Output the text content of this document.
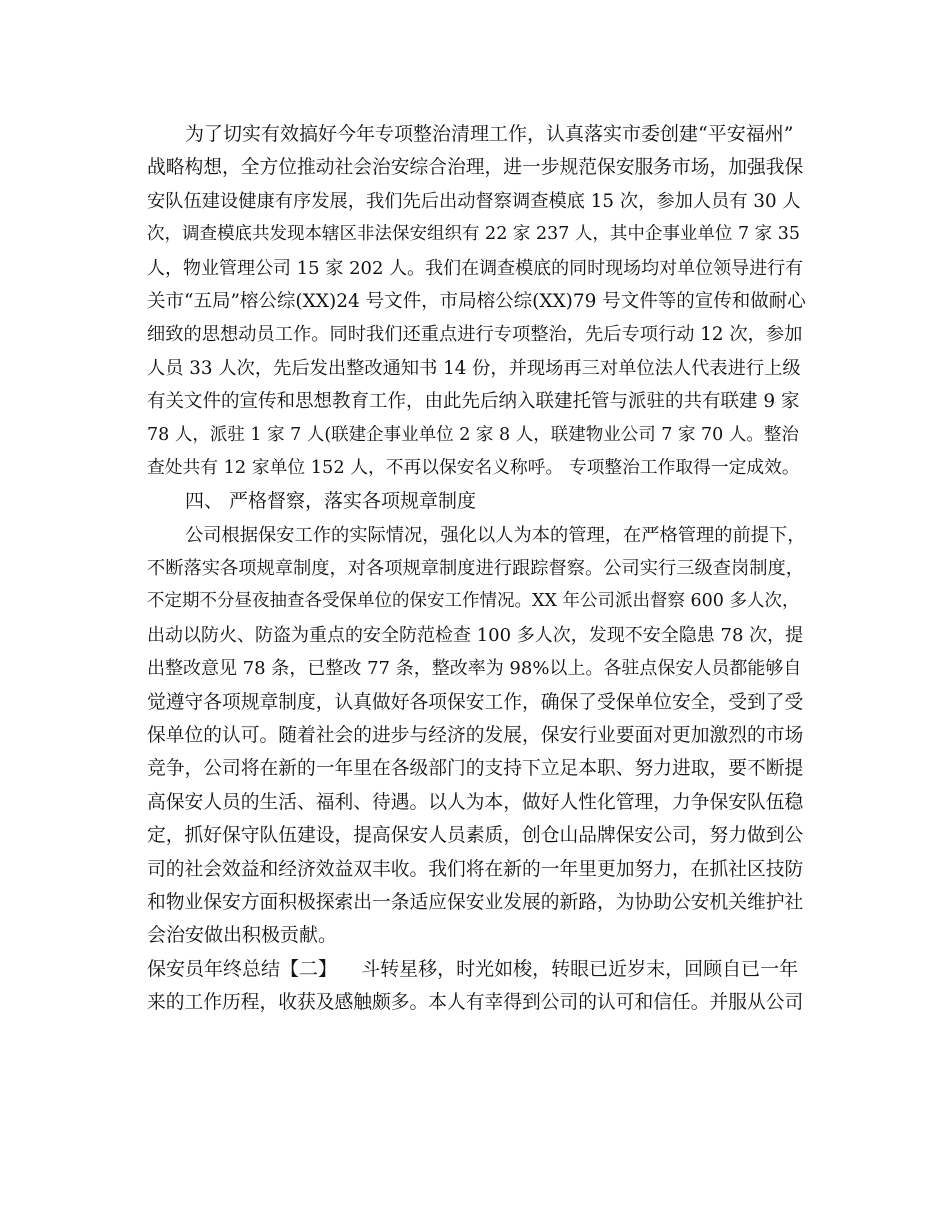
为了切实有效搞好今年专项整治清理工作，认真落实市委创建“平安福州”
战略构想，全方位推动社会治安综合治理，进一步规范保安服务市场，加强我保
安队伍建设健康有序发展，我们先后出动督察调查模底 15 次，参加人员有 30 人
次，调查模底共发现本辖区非法保安组织有 22 家 237 人，其中企事业单位 7 家 35
人，物业管理公司 15 家 202 人。我们在调查模底的同时现场均对单位领导进行有
关市“五局”榕公综(XX)24 号文件，市局榕公综(XX)79 号文件等的宣传和做耐心
细致的思想动员工作。同时我们还重点进行专项整治，先后专项行动 12 次，参加
人员 33 人次，先后发出整改通知书 14 份，并现场再三对单位法人代表进行上级
有关文件的宣传和思想教育工作，由此先后纳入联建托管与派驻的共有联建 9 家
78 人，派驻 1 家 7 人(联建企事业单位 2 家 8 人，联建物业公司 7 家 70 人。整治
查处共有 12 家单位 152 人，不再以保安名义称呼。 专项整治工作取得一定成效。
四、 严格督察，落实各项规章制度
公司根据保安工作的实际情况，强化以人为本的管理，在严格管理的前提下，
不断落实各项规章制度，对各项规章制度进行跟踪督察。公司实行三级查岗制度，
不定期不分昼夜抽查各受保单位的保安工作情况。XX 年公司派出督察 600 多人次，
出动以防火、防盗为重点的安全防范检查 100 多人次，发现不安全隐患 78 次，提
出整改意见 78 条，已整改 77 条，整改率为 98%以上。各驻点保安人员都能够自
觉遵守各项规章制度，认真做好各项保安工作，确保了受保单位安全，受到了受
保单位的认可。随着社会的进步与经济的发展，保安行业要面对更加激烈的市场
竞争，公司将在新的一年里在各级部门的支持下立足本职、努力进取，要不断提
高保安人员的生活、福利、待遇。以人为本，做好人性化管理，力争保安队伍稳
定，抓好保守队伍建设，提高保安人员素质，创仓山品牌保安公司，努力做到公
司的社会效益和经济效益双丰收。我们将在新的一年里更加努力，在抓社区技防
和物业保安方面积极探索出一条适应保安业发展的新路，为协助公安机关维护社
会治安做出积极贡献。
保安员年终总结【二】    斗转星移，时光如梭，转眼已近岁末，回顾自已一年
来的工作历程，收获及感触颇多。本人有幸得到公司的认可和信任。并服从公司
